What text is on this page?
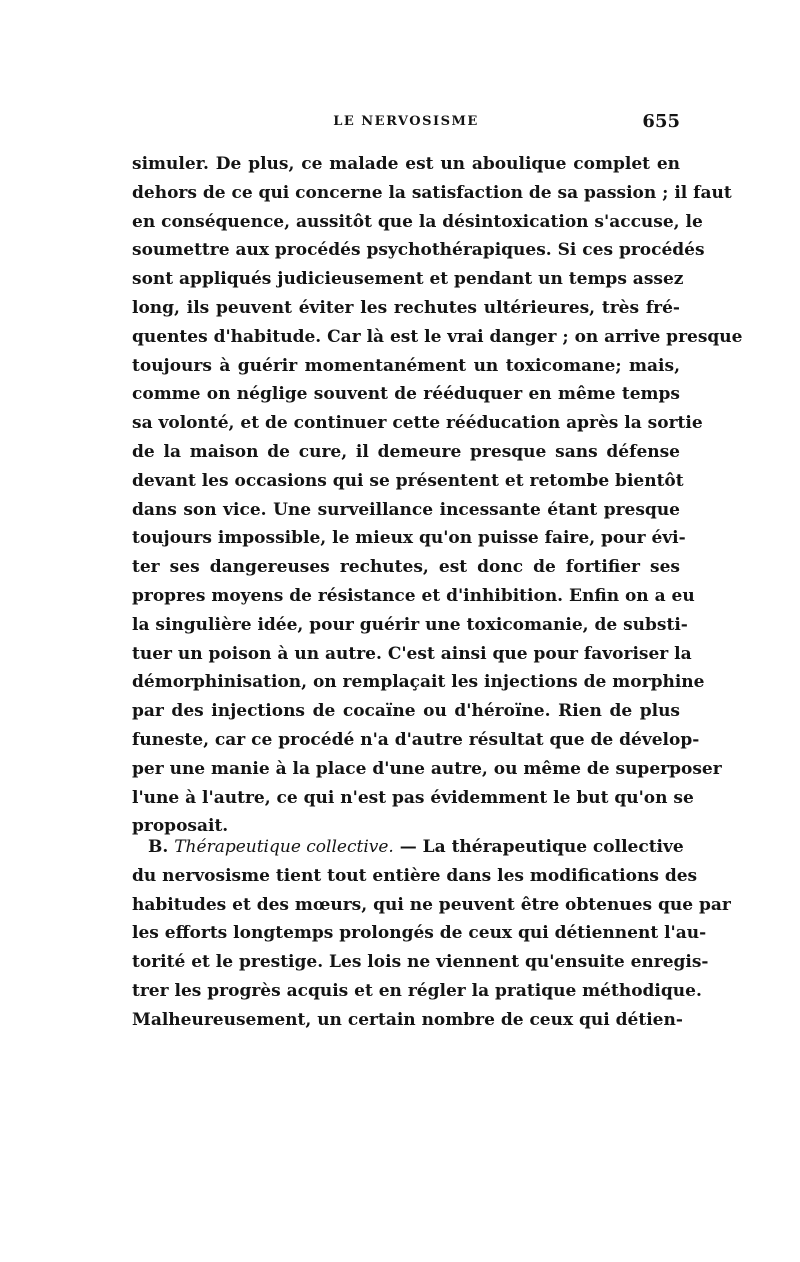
LE NERVOSISME	655
simuler. De plus, ce malade est un aboulique complet en
dehors de ce qui concerne la satisfaction de sa passion ; il faut
en conséquence, aussitôt que la désintoxication s'accuse, le
soumettre aux procédés psychothérapiques. Si ces procédés
sont appliqués judicieusement et pendant un temps assez
long, ils peuvent éviter les rechutes ultérieures, très fré-
quentes d'habitude. Car là est le vrai danger ; on arrive presque
toujours à guérir momentanément un toxicomane; mais,
comme on néglige souvent de rééduquer en même temps
sa volonté, et de continuer cette rééducation après la sortie
de la maison de cure, il demeure presque sans défense
devant les occasions qui se présentent et retombe bientôt
dans son vice. Une surveillance incessante étant presque
toujours impossible, le mieux qu'on puisse faire, pour évi-
ter ses dangereuses rechutes, est donc de fortifier ses
propres moyens de résistance et d'inhibition. Enfin on a eu
la singulière idée, pour guérir une toxicomanie, de substi-
tuer un poison à un autre. C'est ainsi que pour favoriser la
démorphinisation, on remplaçait les injections de morphine
par des injections de cocaïne ou d'héroïne. Rien de plus
funeste, car ce procédé n'a d'autre résultat que de dévelop-
per une manie à la place d'une autre, ou même de superposer
l'une à l'autre, ce qui n'est pas évidemment le but qu'on se
proposait.
B. Thérapeutique collective. — La thérapeutique collective
du nervosisme tient tout entière dans les modifications des
habitudes et des mœurs, qui ne peuvent être obtenues que par
les efforts longtemps prolongés de ceux qui détiennent l'au-
torité et le prestige. Les lois ne viennent qu'ensuite enregis-
trer les progrès acquis et en régler la pratique méthodique.
Malheureusement, un certain nombre de ceux qui détien-
